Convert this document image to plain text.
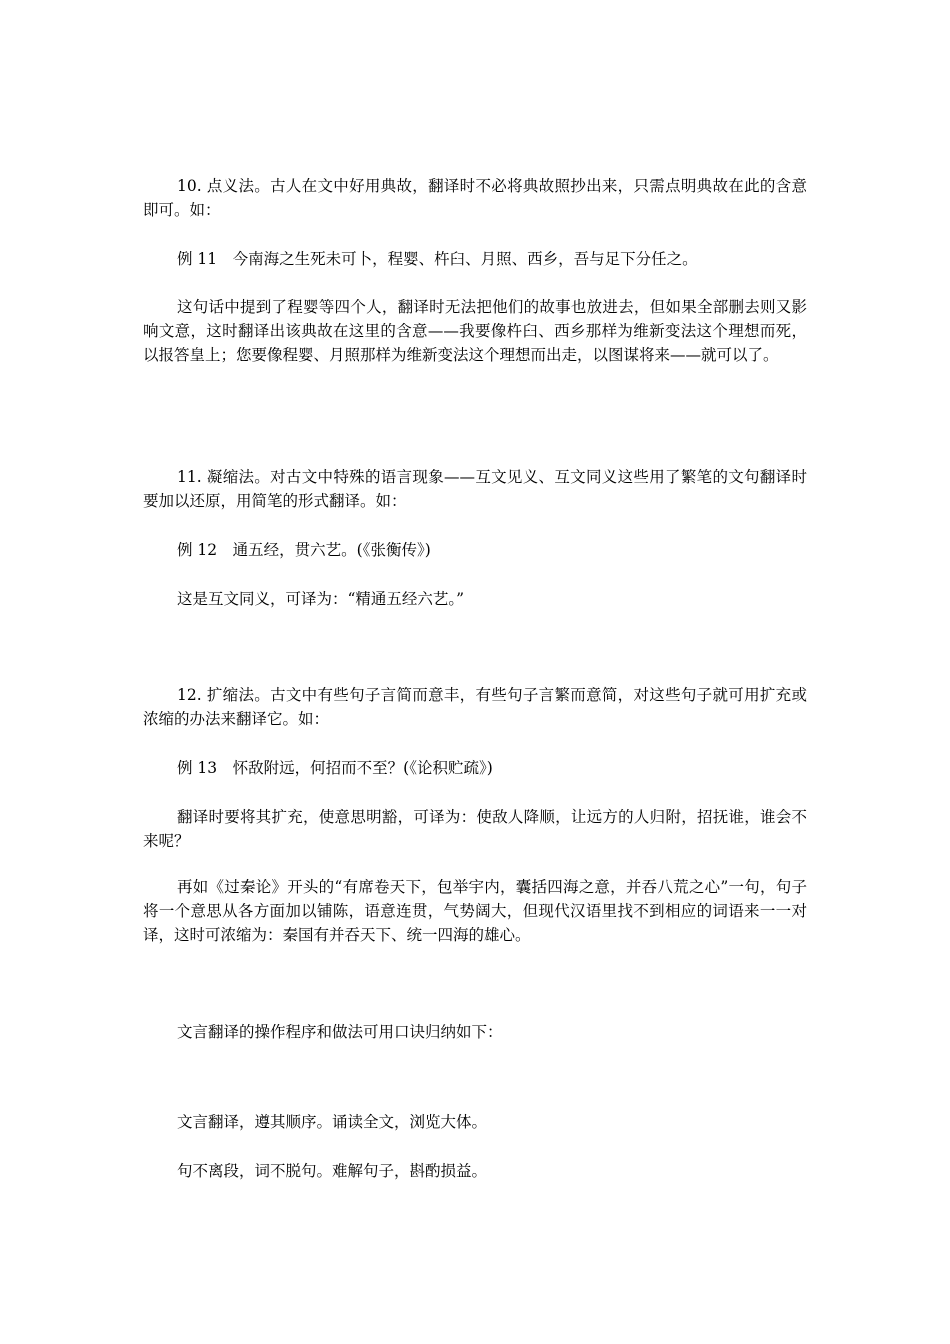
10. 点义法。古人在文中好用典故，翻译时不必将典故照抄出来，只需点明典故在此的含意即可。如：

例 11　今南海之生死未可卜，程婴、杵臼、月照、西乡，吾与足下分任之。

这句话中提到了程婴等四个人，翻译时无法把他们的故事也放进去，但如果全部删去则又影响文意，这时翻译出该典故在这里的含意——我要像杵臼、西乡那样为维新变法这个理想而死，以报答皇上；您要像程婴、月照那样为维新变法这个理想而出走，以图谋将来——就可以了。

11. 凝缩法。对古文中特殊的语言现象——互文见义、互文同义这些用了繁笔的文句翻译时要加以还原，用简笔的形式翻译。如：

例 12　通五经，贯六艺。(《张衡传》)

这是互文同义，可译为：“精通五经六艺。”

12. 扩缩法。古文中有些句子言简而意丰，有些句子言繁而意简，对这些句子就可用扩充或浓缩的办法来翻译它。如：

例 13　怀敌附远，何招而不至？(《论积贮疏》)

翻译时要将其扩充，使意思明豁，可译为：使敌人降顺，让远方的人归附，招抚谁，谁会不来呢？

再如《过秦论》开头的“有席卷天下，包举宇内，囊括四海之意，并吞八荒之心”一句，句子将一个意思从各方面加以铺陈，语意连贯，气势阔大，但现代汉语里找不到相应的词语来一一对译，这时可浓缩为：秦国有并吞天下、统一四海的雄心。

文言翻译的操作程序和做法可用口诀归纳如下：

文言翻译，遵其顺序。诵读全文，浏览大体。

句不离段，词不脱句。难解句子，斟酌损益。
